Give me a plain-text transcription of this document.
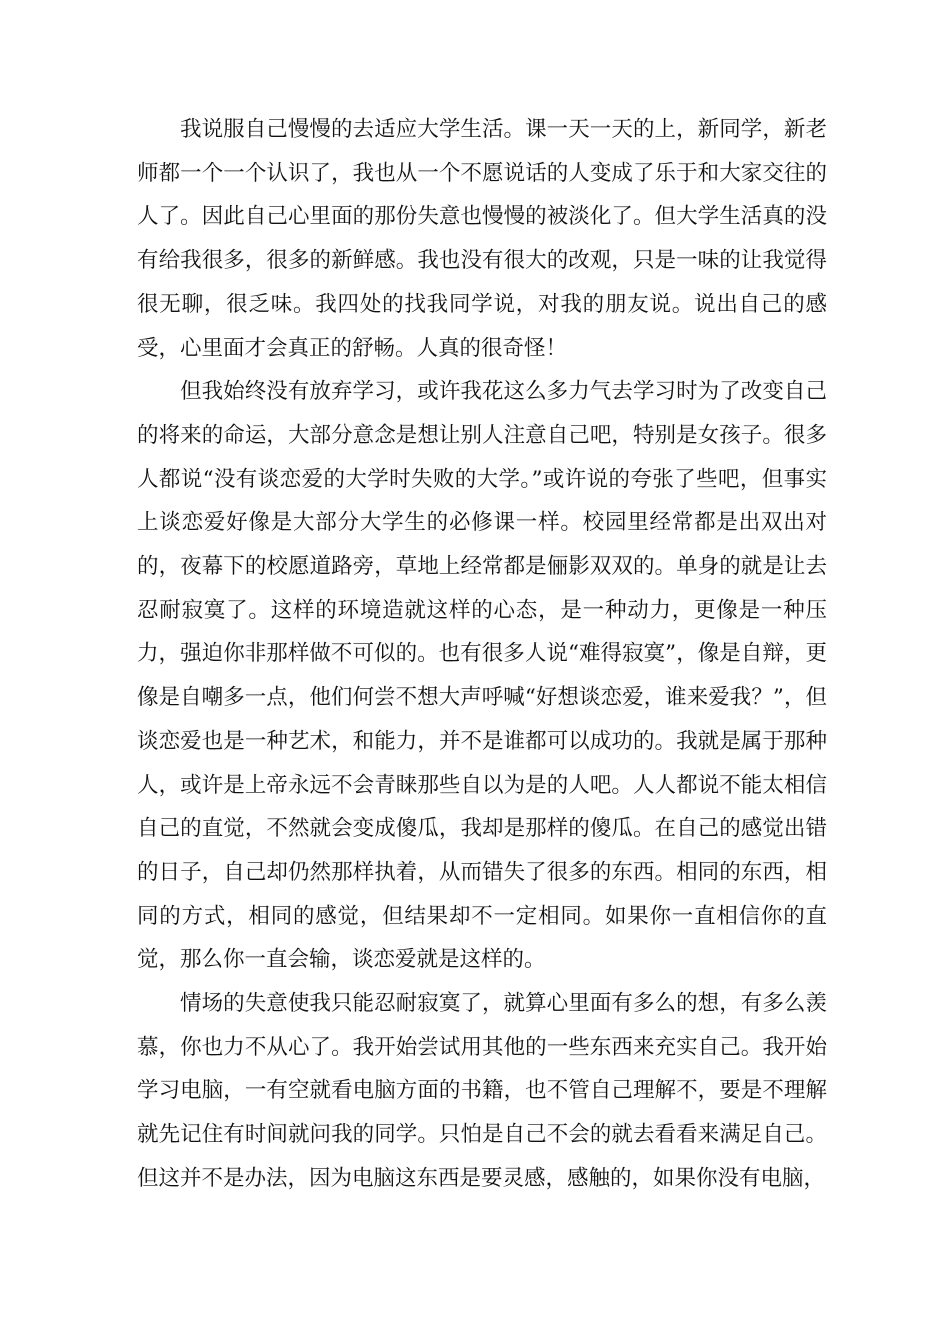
我说服自己慢慢的去适应大学生活。课一天一天的上，新同学，新老师都一个一个认识了，我也从一个不愿说话的人变成了乐于和大家交往的人了。因此自己心里面的那份失意也慢慢的被淡化了。但大学生活真的没有给我很多，很多的新鲜感。我也没有很大的改观，只是一味的让我觉得很无聊，很乏味。我四处的找我同学说，对我的朋友说。说出自己的感受，心里面才会真正的舒畅。人真的很奇怪！

但我始终没有放弃学习，或许我花这么多力气去学习时为了改变自己的将来的命运，大部分意念是想让别人注意自己吧，特别是女孩子。很多人都说“没有谈恋爱的大学时失败的大学。”或许说的夸张了些吧，但事实上谈恋爱好像是大部分大学生的必修课一样。校园里经常都是出双出对的，夜幕下的校愿道路旁，草地上经常都是俪影双双的。单身的就是让去忍耐寂寞了。这样的环境造就这样的心态，是一种动力，更像是一种压力，强迫你非那样做不可似的。也有很多人说“难得寂寞”，像是自辩，更像是自嘲多一点，他们何尝不想大声呼喊“好想谈恋爱，谁来爱我？”，但谈恋爱也是一种艺术，和能力，并不是谁都可以成功的。我就是属于那种人，或许是上帝永远不会青睐那些自以为是的人吧。人人都说不能太相信自己的直觉，不然就会变成傻瓜，我却是那样的傻瓜。在自己的感觉出错的日子，自己却仍然那样执着，从而错失了很多的东西。相同的东西，相同的方式，相同的感觉，但结果却不一定相同。如果你一直相信你的直觉，那么你一直会输，谈恋爱就是这样的。

情场的失意使我只能忍耐寂寞了，就算心里面有多么的想，有多么羡慕，你也力不从心了。我开始尝试用其他的一些东西来充实自己。我开始学习电脑，一有空就看电脑方面的书籍，也不管自己理解不，要是不理解就先记住有时间就问我的同学。只怕是自己不会的就去看看来满足自己。但这并不是办法，因为电脑这东西是要灵感，感触的，如果你没有电脑，
